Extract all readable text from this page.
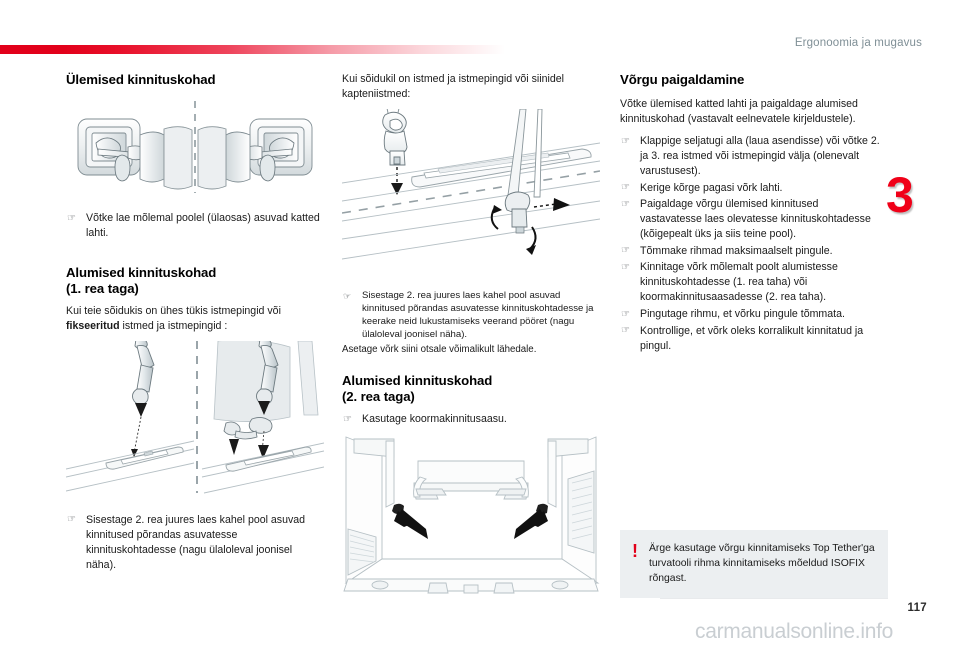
Ergonoomia ja mugavus
3
Ülemised kinnituskohad
☞ Võtke lae mõlemal poolel (ülaosas) asuvad katted lahti.
Alumised kinnituskohad
(1. rea taga)

Kui teie sõidukis on ühes tükis istmepingid või fikseeritud istmed ja istmepingid :

☞ Sisestage 2. rea juures laes kahel pool asuvad kinnitused põrandas asuvatesse kinnituskohtadesse (nagu ülaloleval joonisel näha).

Kui sõidukil on istmed ja istmepingid või siinidel kapteniistmed:

☞ Sisestage 2. rea juures laes kahel pool asuvad kinnitused põrandas asuvatesse kinnituskohtadesse ja keerake neid lukustamiseks veerand pööret (nagu ülaloleval joonisel näha).

Asetage võrk siini otsale võimalikult lähedale.

Alumised kinnituskohad
(2. rea taga)
☞ Kasutage koormakinnitusaasu.
Võrgu paigaldamine

Võtke ülemised katted lahti ja paigaldage alumised kinnituskohad (vastavalt eelnevatele kirjeldustele).

☞ Klappige seljatugi alla (laua asendisse) või võtke 2. ja 3. rea istmed või istmepingid välja (olenevalt varustusest).
☞ Kerige kõrge pagasi võrk lahti.
☞ Paigaldage võrgu ülemised kinnitused vastavatesse laes olevatesse kinnituskohtadesse (kõigepealt üks ja siis teine pool).
☞ Tõmmake rihmad maksimaalselt pingule.
☞ Kinnitage võrk mõlemalt poolt alumistesse kinnituskohtadesse (1. rea taha) või koormakinnitusaasadesse (2. rea taha).
☞ Pingutage rihmu, et võrku pingule tõmmata.
☞ Kontrollige, et võrk oleks korralikult kinnitatud ja pingul.
! Ärge kasutage võrgu kinnitamiseks Top Tether'ga turvatooli rihma kinnitamiseks mõeldud ISOFIX rõngast.
117
carmanualsonline.info
